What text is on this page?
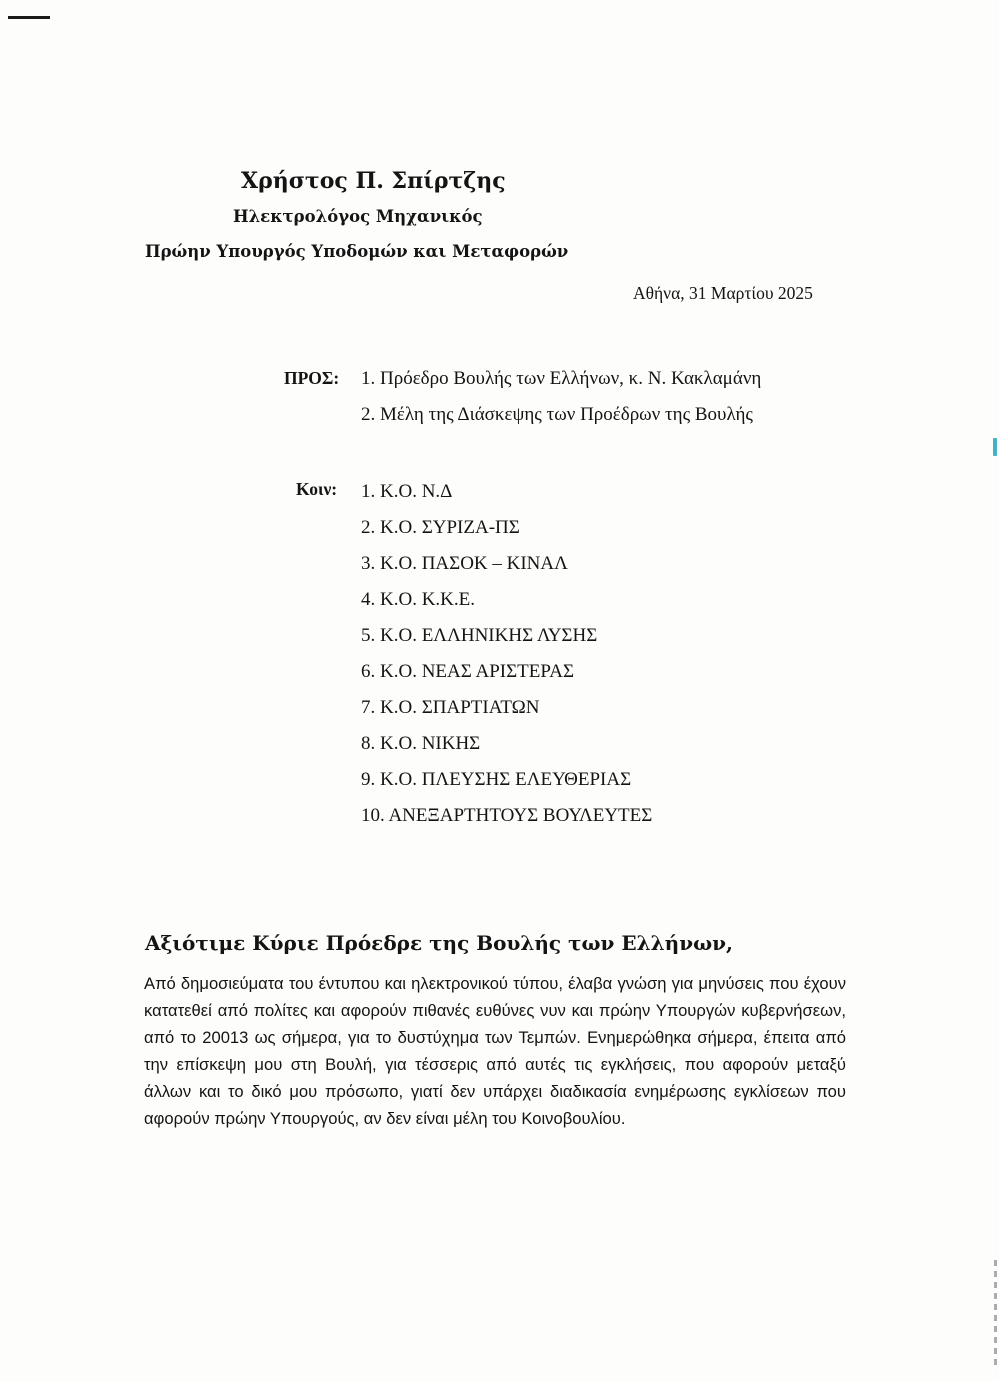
Χρήστος Π. Σπίρτζης
Ηλεκτρολόγος Μηχανικός
Πρώην Υπουργός Υποδομών και Μεταφορών
Αθήνα, 31 Μαρτίου 2025
ΠΡΟΣ: 1. Πρόεδρο Βουλής των Ελλήνων, κ. Ν. Κακλαμάνη
2. Μέλη της Διάσκεψης των Προέδρων της Βουλής
Κοιν: 1. Κ.Ο. Ν.Δ
2. Κ.Ο. ΣΥΡΙΖΑ-ΠΣ
3. Κ.Ο. ΠΑΣΟΚ – ΚΙΝΑΛ
4. Κ.Ο. Κ.Κ.Ε.
5. Κ.Ο. ΕΛΛΗΝΙΚΗΣ ΛΥΣΗΣ
6. Κ.Ο. ΝΕΑΣ ΑΡΙΣΤΕΡΑΣ
7. Κ.Ο. ΣΠΑΡΤΙΑΤΩΝ
8. Κ.Ο. ΝΙΚΗΣ
9. Κ.Ο. ΠΛΕΥΣΗΣ ΕΛΕΥΘΕΡΙΑΣ
10. ΑΝΕΞΑΡΤΗΤΟΥΣ ΒΟΥΛΕΥΤΕΣ
Αξιότιμε Κύριε Πρόεδρε της Βουλής των Ελλήνων,

Από δημοσιεύματα του έντυπου και ηλεκτρονικού τύπου, έλαβα γνώση για μηνύσεις που έχουν κατατεθεί από πολίτες και αφορούν πιθανές ευθύνες νυν και πρώην Υπουργών κυβερνήσεων, από το 20013 ως σήμερα, για το δυστύχημα των Τεμπών. Ενημερώθηκα σήμερα, έπειτα από την επίσκεψη μου στη Βουλή, για τέσσερις από αυτές τις εγκλήσεις, που αφορούν μεταξύ άλλων και το δικό μου πρόσωπο, γιατί δεν υπάρχει διαδικασία ενημέρωσης εγκλίσεων που αφορούν πρώην Υπουργούς, αν δεν είναι μέλη του Κοινοβουλίου.
